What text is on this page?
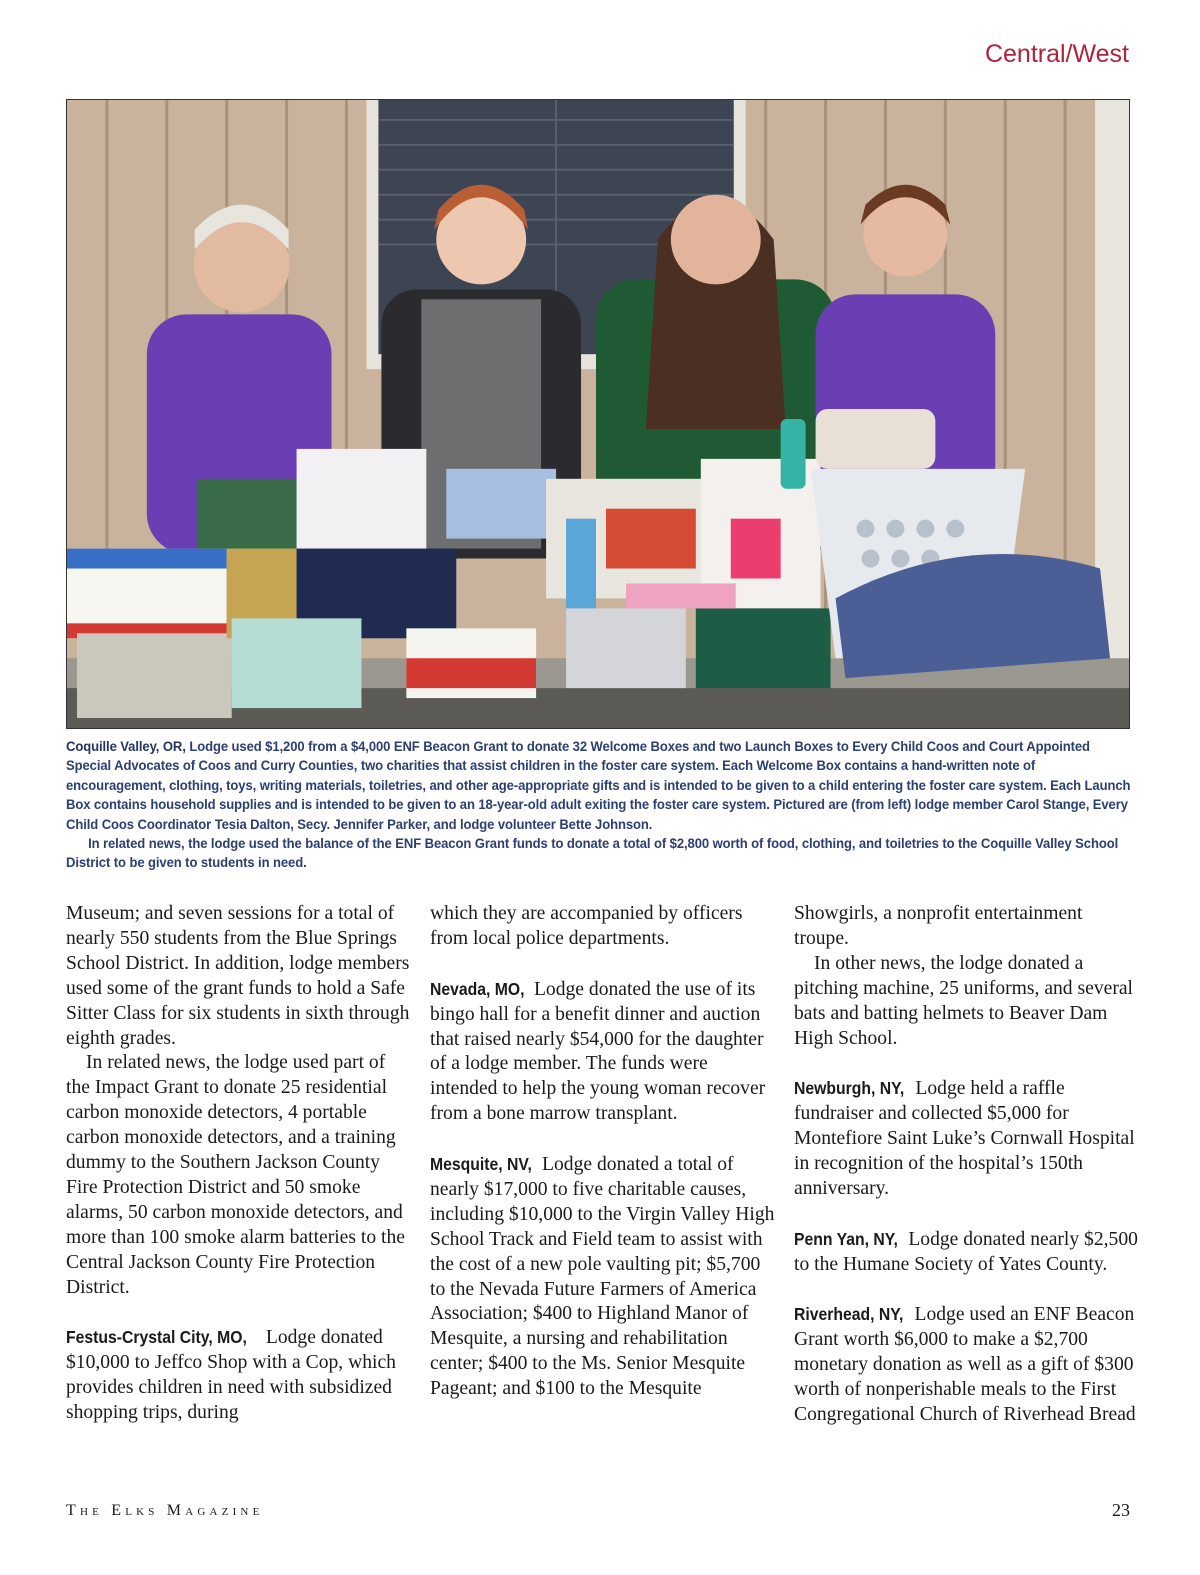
Central/West

Coquille Valley, OR, Lodge used $1,200 from a $4,000 ENF Beacon Grant to donate 32 Welcome Boxes and two Launch Boxes to Every Child Coos and Court Appointed Special Advocates of Coos and Curry Counties, two charities that assist children in the foster care system. Each Welcome Box contains a hand-written note of encouragement, clothing, toys, writing materials, toiletries, and other age-appropriate gifts and is intended to be given to a child entering the foster care system. Each Launch Box contains household supplies and is intended to be given to an 18-year-old adult exiting the foster care system. Pictured are (from left) lodge member Carol Stange, Every Child Coos Coordinator Tesia Dalton, Secy. Jennifer Parker, and lodge volunteer Bette Johnson.

In related news, the lodge used the balance of the ENF Beacon Grant funds to donate a total of $2,800 worth of food, clothing, and toiletries to the Coquille Valley School District to be given to students in need.

Museum; and seven sessions for a total of nearly 550 students from the Blue Springs School District. In addition, lodge members used some of the grant funds to hold a Safe Sitter Class for six students in sixth through eighth grades.

In related news, the lodge used part of the Impact Grant to donate 25 residential carbon monoxide detectors, 4 portable carbon monoxide detectors, and a training dummy to the Southern Jackson County Fire Protection District and 50 smoke alarms, 50 carbon monoxide detectors, and more than 100 smoke alarm batteries to the Central Jackson County Fire Protection District.

Festus-Crystal City, MO, Lodge donated $10,000 to Jeffco Shop with a Cop, which provides children in need with subsidized shopping trips, during

which they are accompanied by officers from local police departments.

Nevada, MO, Lodge donated the use of its bingo hall for a benefit dinner and auction that raised nearly $54,000 for the daughter of a lodge member. The funds were intended to help the young woman recover from a bone marrow transplant.

Mesquite, NV, Lodge donated a total of nearly $17,000 to five charitable causes, including $10,000 to the Virgin Valley High School Track and Field team to assist with the cost of a new pole vaulting pit; $5,700 to the Nevada Future Farmers of America Association; $400 to Highland Manor of Mesquite, a nursing and rehabilitation center; $400 to the Ms. Senior Mesquite Pageant; and $100 to the Mesquite

Showgirls, a nonprofit entertainment troupe.

In other news, the lodge donated a pitching machine, 25 uniforms, and several bats and batting helmets to Beaver Dam High School.

Newburgh, NY, Lodge held a raffle fundraiser and collected $5,000 for Montefiore Saint Luke’s Cornwall Hospital in recognition of the hospital’s 150th anniversary.

Penn Yan, NY, Lodge donated nearly $2,500 to the Humane Society of Yates County.

Riverhead, NY, Lodge used an ENF Beacon Grant worth $6,000 to make a $2,700 monetary donation as well as a gift of $300 worth of nonperishable meals to the First Congregational Church of Riverhead Bread

The Elks Magazine	23
